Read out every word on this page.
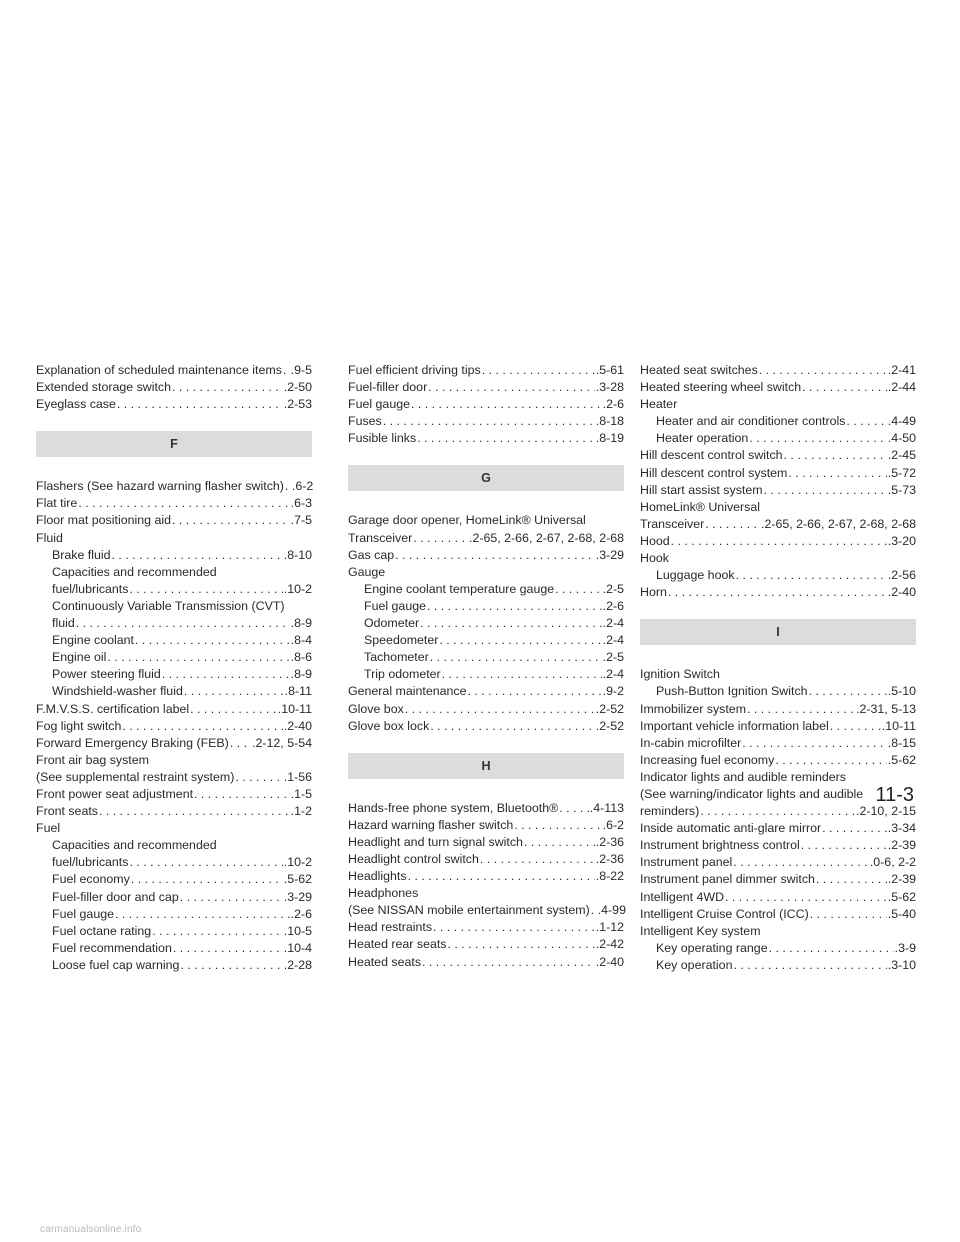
Explanation of scheduled maintenance items . . . .9-5
Extended storage switch . . .	.2-50
Eyeglass case . . .	.2-53
F
Flashers (See hazard warning flasher switch) . . . .6-2
Flat tire . . .	.6-3
Floor mat positioning aid . . .	.7-5
Fluid
Brake fluid . . .	.8-10
Capacities and recommended
fuel/lubricants . . .	.10-2
Continuously Variable Transmission (CVT)
fluid . . .	.8-9
Engine coolant . . .	.8-4
Engine oil . . .	.8-6
Power steering fluid . . .	.8-9
Windshield-washer fluid . . .	.8-11
F.M.V.S.S. certification label . . .	.10-11
Fog light switch . . .	.2-40
Forward Emergency Braking (FEB) . . . .2-12, 5-54
Front air bag system
(See supplemental restraint system) . . .	.1-56
Front power seat adjustment . . .	.1-5
Front seats . . .	.1-2
Fuel
Capacities and recommended
fuel/lubricants . . .	.10-2
Fuel economy . . .	.5-62
Fuel-filler door and cap . . .	.3-29
Fuel gauge . . .	.2-6
Fuel octane rating . . .	.10-5
Fuel recommendation . . .	.10-4
Loose fuel cap warning . . .	.2-28
Fuel efficient driving tips . . .	.5-61
Fuel-filler door . . .	.3-28
Fuel gauge . . .	.2-6
Fuses . . .	.8-18
Fusible links . . .	.8-19
G
Garage door opener, HomeLink® Universal
Transceiver . . .	.2-65, 2-66, 2-67, 2-68, 2-68
Gas cap . . .	.3-29
Gauge
Engine coolant temperature gauge . . .	.2-5
Fuel gauge . . .	.2-6
Odometer . . .	.2-4
Speedometer . . .	.2-4
Tachometer . . .	.2-5
Trip odometer . . .	.2-4
General maintenance . . .	.9-2
Glove box . . .	.2-52
Glove box lock . . .	.2-52
H
Hands-free phone system, Bluetooth® . . .	.4-113
Hazard warning flasher switch . . .	.6-2
Headlight and turn signal switch . . .	.2-36
Headlight control switch . . .	.2-36
Headlights . . .	.8-22
Headphones
(See NISSAN mobile entertainment system) . . . .4-99
Head restraints . . .	.1-12
Heated rear seats . . .	.2-42
Heated seats . . .	.2-40
Heated seat switches . . .	.2-41
Heated steering wheel switch . . .	.2-44
Heater
Heater and air conditioner controls . . .	.4-49
Heater operation . . .	.4-50
Hill descent control switch . . .	.2-45
Hill descent control system . . .	.5-72
Hill start assist system . . .	.5-73
HomeLink® Universal
Transceiver . . .	.2-65, 2-66, 2-67, 2-68, 2-68
Hood . . .	.3-20
Hook
Luggage hook . . .	.2-56
Horn . . .	.2-40
I
Ignition Switch
Push-Button Ignition Switch . . .	.5-10
Immobilizer system . . .	.2-31, 5-13
Important vehicle information label . . .	.10-11
In-cabin microfilter . . .	.8-15
Increasing fuel economy . . .	.5-62
Indicator lights and audible reminders
(See warning/indicator lights and audible
reminders) . . .	.2-10, 2-15
Inside automatic anti-glare mirror . . .	.3-34
Instrument brightness control . . .	.2-39
Instrument panel . . .	.0-6, 2-2
Instrument panel dimmer switch . . .	.2-39
Intelligent 4WD . . .	.5-62
Intelligent Cruise Control (ICC) . . .	.5-40
Intelligent Key system
Key operating range . . .	.3-9
Key operation . . .	.3-10
11-3
carmanualsonline.info
